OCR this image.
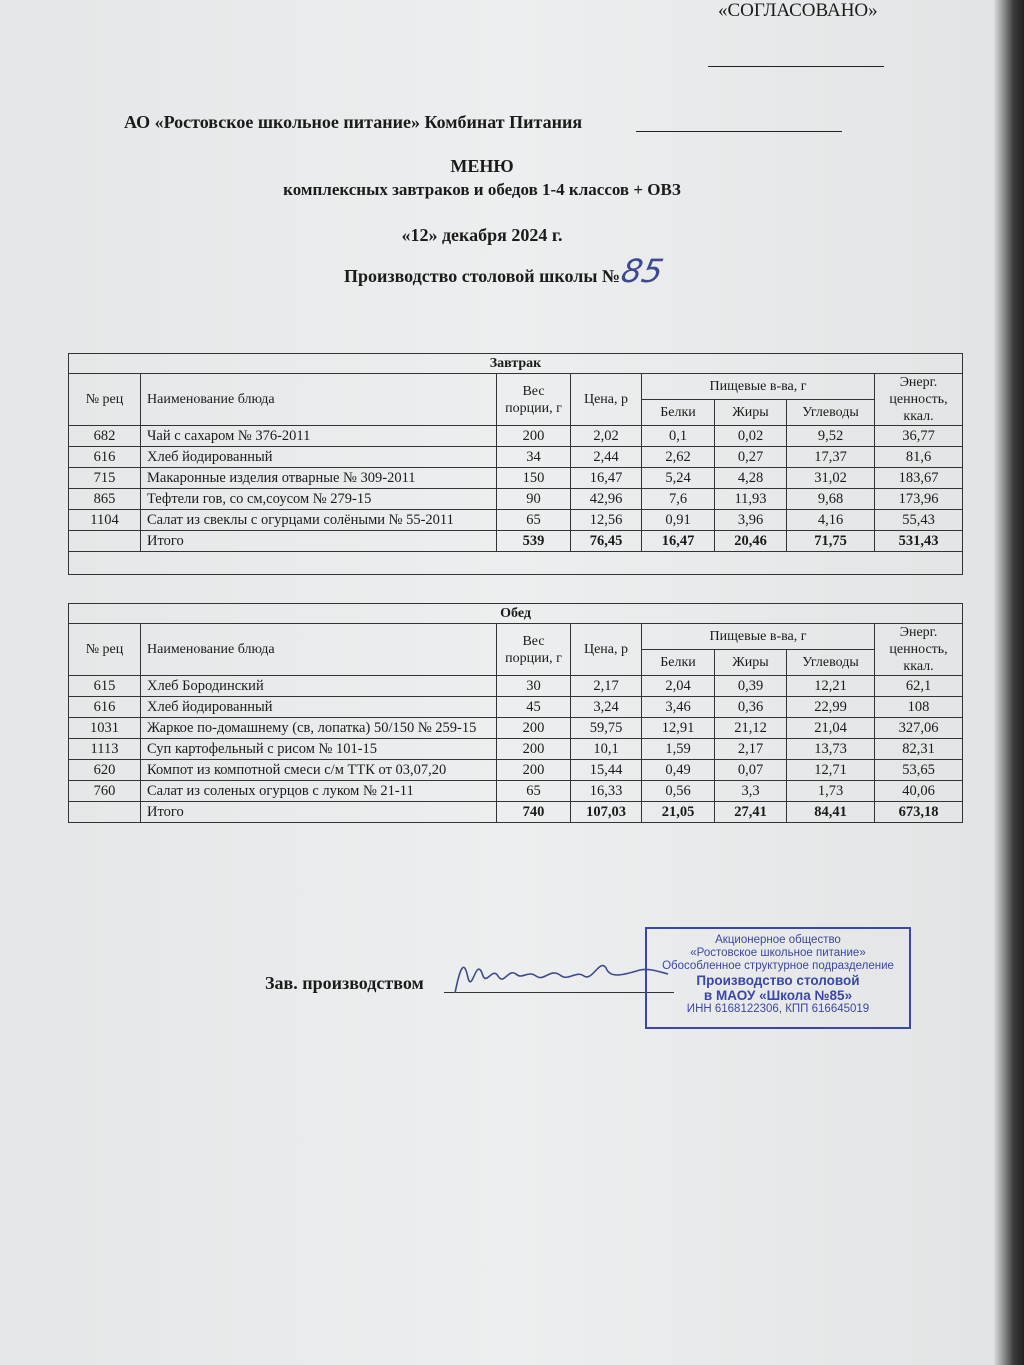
«СОГЛАСОВАНО»
АО «Ростовское школьное питание» Комбинат Питания
МЕНЮ
комплексных завтраков и обедов 1-4 классов + ОВЗ
«12» декабря 2024 г.
Производство столовой школы №
85
Завтрак							
№ рец	Наименование блюда	Вес порции, г	Цена, р	Пищевые в-ва, г			Энерг. ценность, ккал.
				Белки	Жиры	Углеводы	
682	Чай с сахаром № 376-2011	200	2,02	0,1	0,02	9,52	36,77
616	Хлеб йодированный	34	2,44	2,62	0,27	17,37	81,6
715	Макаронные изделия отварные № 309-2011	150	16,47	5,24	4,28	31,02	183,67
865	Тефтели гов, со см,соусом № 279-15	90	42,96	7,6	11,93	9,68	173,96
1104	Салат из свеклы с огурцами солёными № 55-2011	65	12,56	0,91	3,96	4,16	55,43
	Итого	539	76,45	16,47	20,46	71,75	531,43

Обед							
№ рец	Наименование блюда	Вес порции, г	Цена, р	Пищевые в-ва, г			Энерг. ценность, ккал.
				Белки	Жиры	Углеводы	
615	Хлеб Бородинский	30	2,17	2,04	0,39	12,21	62,1
616	Хлеб йодированный	45	3,24	3,46	0,36	22,99	108
1031	Жаркое по-домашнему (св, лопатка) 50/150 № 259-15	200	59,75	12,91	21,12	21,04	327,06
1113	Суп картофельный с рисом № 101-15	200	10,1	1,59	2,17	13,73	82,31
620	Компот из компотной смеси с/м ТТК от 03,07,20	200	15,44	0,49	0,07	12,71	53,65
760	Салат из соленых огурцов с луком № 21-11	65	16,33	0,56	3,3	1,73	40,06
	Итого	740	107,03	21,05	27,41	84,41	673,18
Зав. производством
Акционерное общество
«Ростовское школьное питание»
Обособленное структурное подразделение
Производство столовой
в МАОУ «Школа №85»
ИНН 6168122306, КПП 616645019
